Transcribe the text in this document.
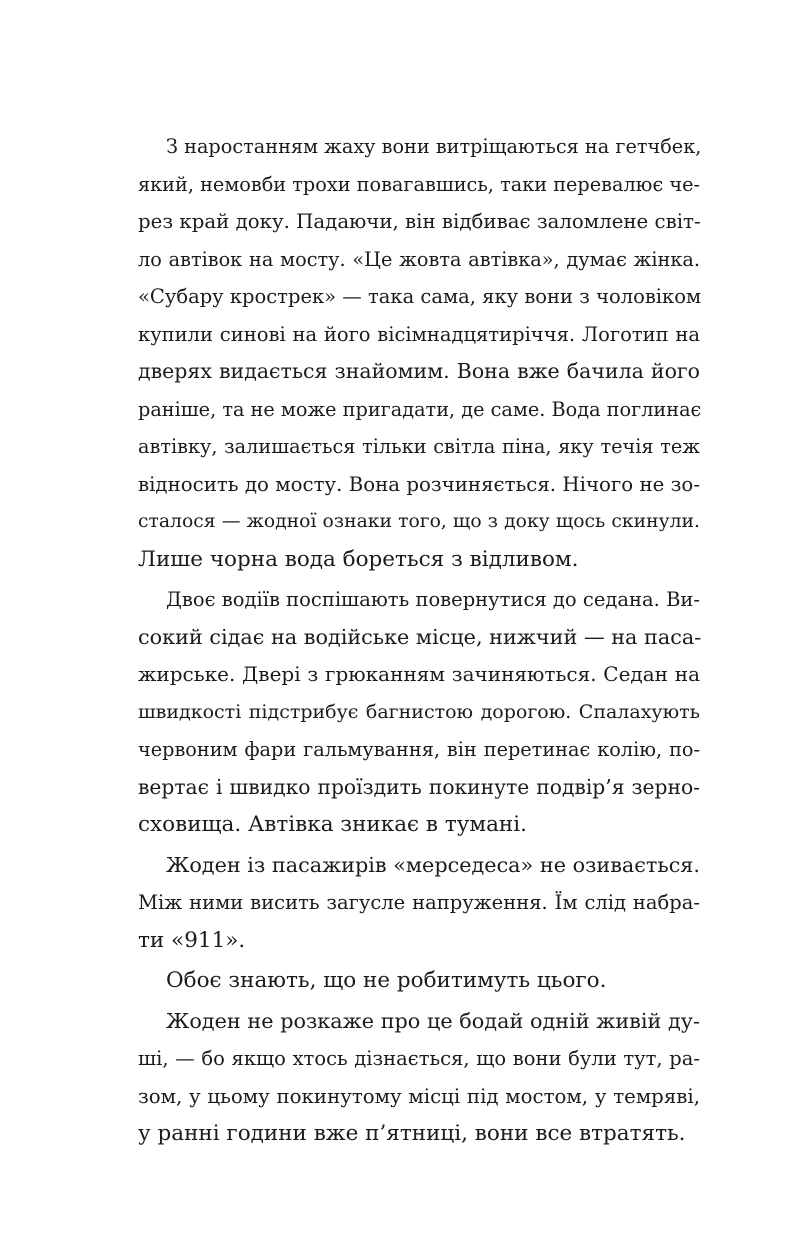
З наростанням жаху вони витріщаються на гетчбек,
який, немовби трохи повагавшись, таки перевалює че-
рез край доку. Падаючи, він відбиває заломлене світ-
ло автівок на мосту. «Це жовта автівка», думає жінка.
«Субару крострек» — така сама, яку вони з чоловіком
купили синові на його вісімнадцятиріччя. Логотип на
дверях видається знайомим. Вона вже бачила його
раніше, та не може пригадати, де саме. Вода поглинає
автівку, залишається тільки світла піна, яку течія теж
відносить до мосту. Вона розчиняється. Нічого не зо-
сталося — жодної ознаки того, що з доку щось скинули.
Лише чорна вода бореться з відливом.
Двоє водіїв поспішають повернутися до седана. Ви-
сокий сідає на водійське місце, нижчий — на паса-
жирське. Двері з грюканням зачиняються. Седан на
швидкості підстрибує багнистою дорогою. Спалахують
червоним фари гальмування, він перетинає колію, по-
вертає і швидко проїздить покинуте подвір’я зерно-
сховища. Автівка зникає в тумані.
Жоден із пасажирів «мерседеса» не озивається.
Між ними висить загусле напруження. Їм слід набра-
ти «911».
Обоє знають, що не робитимуть цього.
Жоден не розкаже про це бодай одній живій ду-
ші, — бо якщо хтось дізнається, що вони були тут, ра-
зом, у цьому покинутому місці під мостом, у темряві,
у ранні години вже п’ятниці, вони все втратять.
